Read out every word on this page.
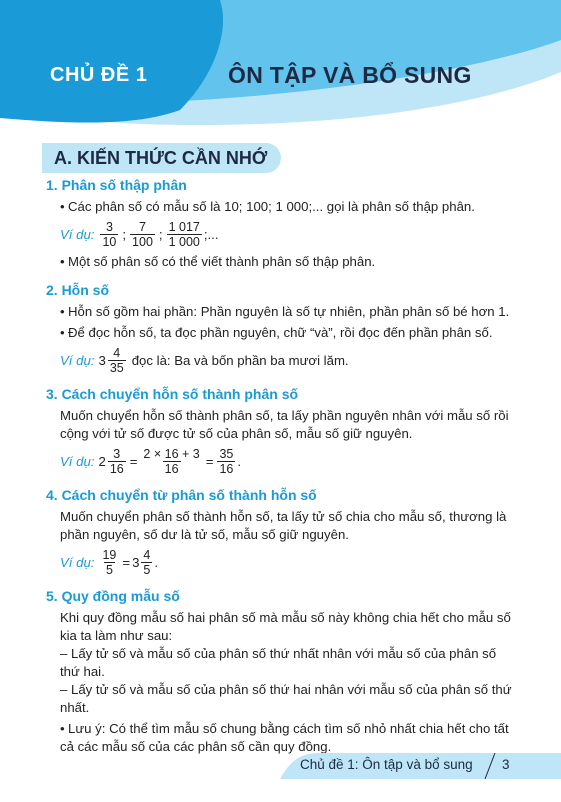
CHỦ ĐỀ 1	ÔN TẬP VÀ BỔ SUNG
A. KIẾN THỨC CẦN NHỚ
1. Phân số thập phân
• Các phân số có mẫu số là 10; 100; 1 000;... gọi là phân số thập phân.
Ví dụ: $\frac{3}{10}$ ; $\frac{7}{100}$ ; $\frac{1 017}{1 000}$ ;...
• Một số phân số có thể viết thành phân số thập phân.
2. Hỗn số
• Hỗn số gồm hai phần: Phần nguyên là số tự nhiên, phần phân số bé hơn 1.
• Để đọc hỗn số, ta đọc phần nguyên, chữ “và”, rồi đọc đến phần phân số.
Ví dụ: $3 \frac{4}{35}$ đọc là: Ba và bốn phần ba mươi lăm.
3. Cách chuyển hỗn số thành phân số
Muốn chuyển hỗn số thành phân số, ta lấy phần nguyên nhân với mẫu số rồi cộng với tử số được tử số của phân số, mẫu số giữ nguyên.
Ví dụ: $2 \frac{3}{16} = \frac{2 \times 16 + 3}{16} = \frac{35}{16}$ .
4. Cách chuyển từ phân số thành hỗn số
Muốn chuyển phân số thành hỗn số, ta lấy tử số chia cho mẫu số, thương là phần nguyên, số dư là tử số, mẫu số giữ nguyên.
Ví dụ: $\frac{19}{5} = 3 \frac{4}{5}$ .
5. Quy đồng mẫu số
Khi quy đồng mẫu số hai phân số mà mẫu số này không chia hết cho mẫu số kia ta làm như sau:
– Lấy tử số và mẫu số của phân số thứ nhất nhân với mẫu số của phân số thứ hai.
– Lấy tử số và mẫu số của phân số thứ hai nhân với mẫu số của phân số thứ nhất.
• Lưu ý: Có thể tìm mẫu số chung bằng cách tìm số nhỏ nhất chia hết cho tất cả các mẫu số của các phân số cần quy đồng.
Chủ đề 1: Ôn tập và bổ sung 3
